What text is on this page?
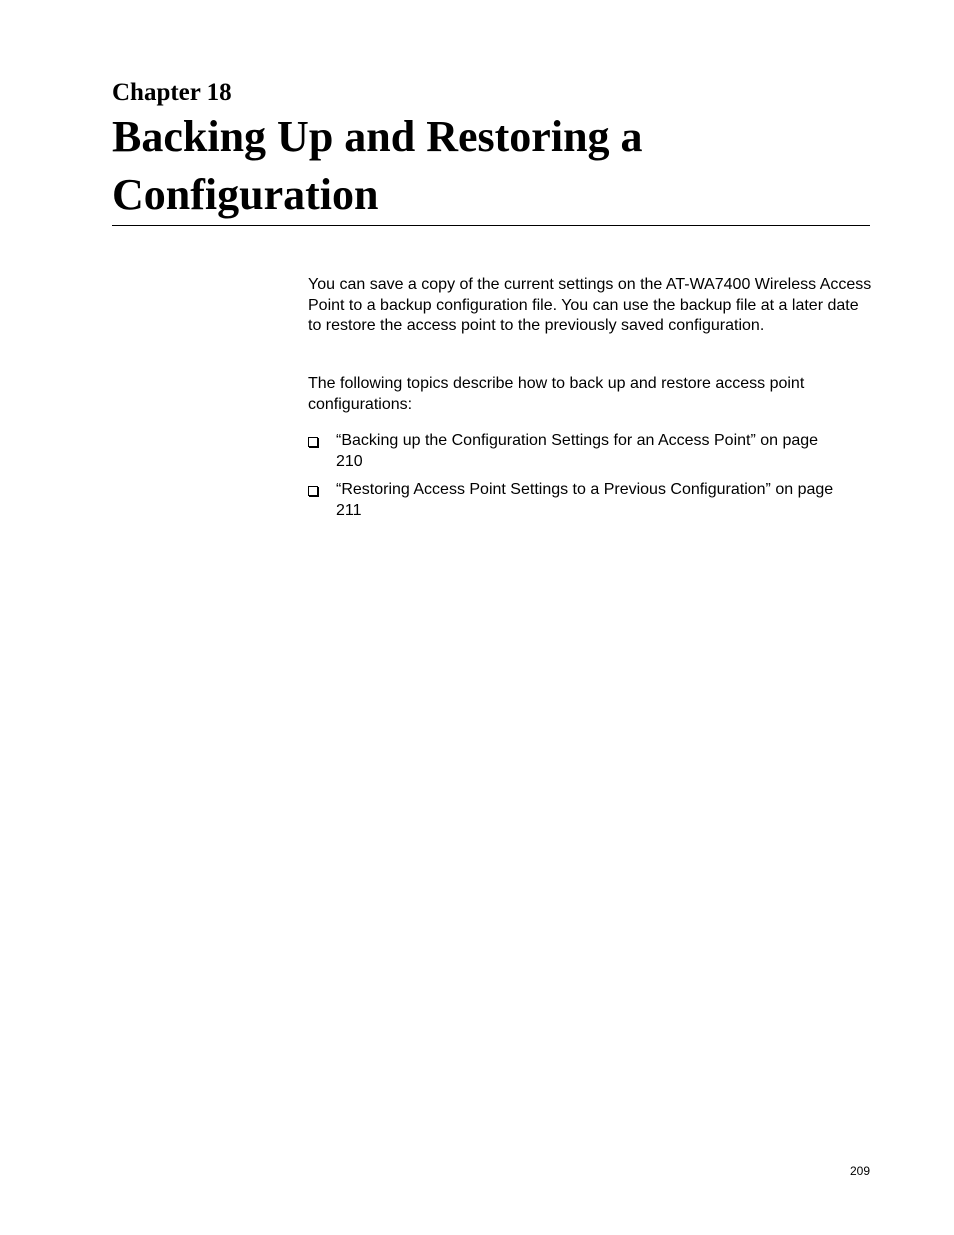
Chapter 18
Backing Up and Restoring a Configuration

You can save a copy of the current settings on the AT-WA7400 Wireless Access Point to a backup configuration file. You can use the backup file at a later date to restore the access point to the previously saved configuration.

The following topics describe how to back up and restore access point configurations:

“Backing up the Configuration Settings for an Access Point” on page 210
“Restoring Access Point Settings to a Previous Configuration” on page 211

209
